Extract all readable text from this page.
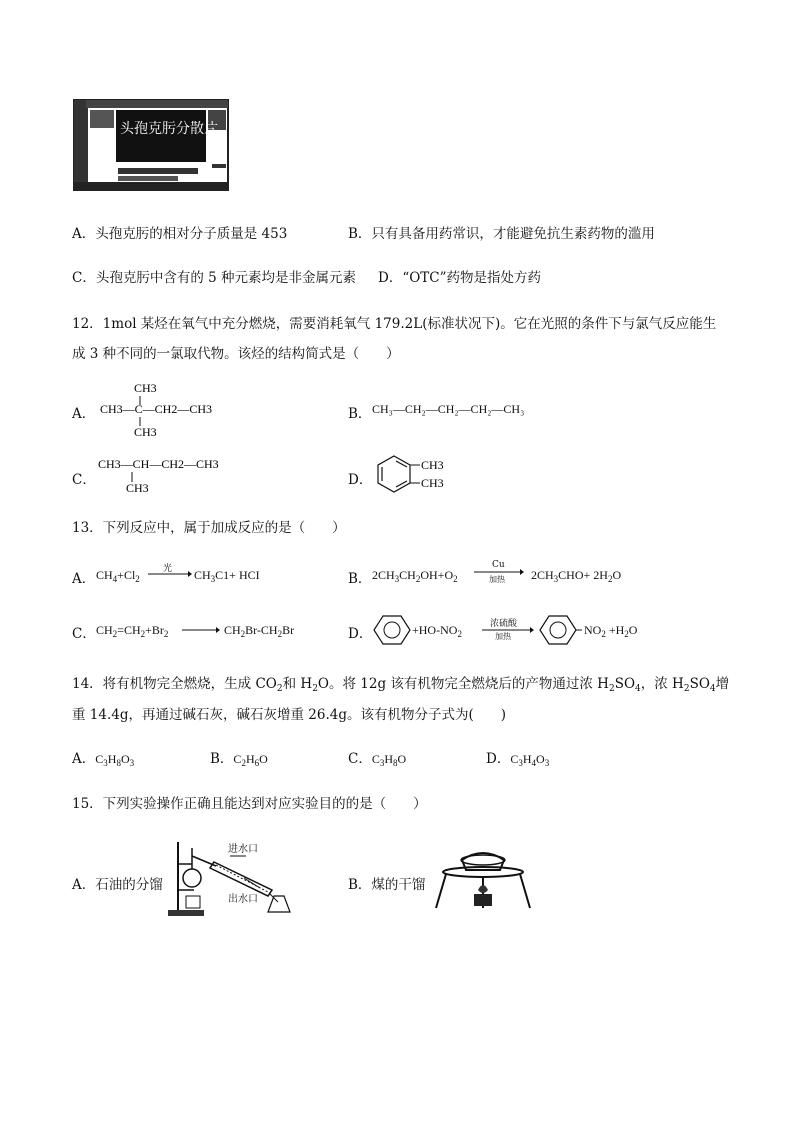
头孢克肟分散片
A．头孢克肟的相对分子质量是 453	B．只有具备用药常识，才能避免抗生素药物的滥用
C．头孢克肟中含有的 5 种元素均是非金属元素 D．“OTC”药物是指处方药
12．1mol 某烃在氧气中充分燃烧，需要消耗氧气 179.2L(标准状况下)。它在光照的条件下与氯气反应能生
成 3 种不同的一氯取代物。该烃的结构简式是（　　）
A．
CH3
CH3—C—CH2—CH3
CH3
B． CH₃—CH₂—CH₂—CH₂—CH₃
C．
CH3—CH—CH2—CH3
CH3	D．
CH3
CH3
13．下列反应中，属于加成反应的是（　　）
A． $CH_4+Cl_2$
光 $CH_3C1+$ HCI	B． $2CH_3CH_2OH+O_2$
Cu
加热 $2CH_3CHO+ 2H_2O$
C． $CH_2=CH_2+Br_2$	$CH_2Br-CH_2Br$	D．	$+HO-NO_2$
浓硫酸
加热	$NO_2 +H_2O$
14．将有机物完全燃烧，生成 $CO_2$和 $H_2O$。将 12g 该有机物完全燃烧后的产物通过浓 $H_2SO_4$，浓 $H_2SO_4$增
重 14.4g，再通过碱石灰，碱石灰增重 26.4g。该有机物分子式为(　　)
A．$C_3H_8O_3$	B．$C_2H_6O$	C．$C_3H_8O$	D．$C_3H_4O_3$
15．下列实验操作正确且能达到对应实验目的的是（　　）
A．石油的分馏
进水口
出水口
B．煤的干馏
